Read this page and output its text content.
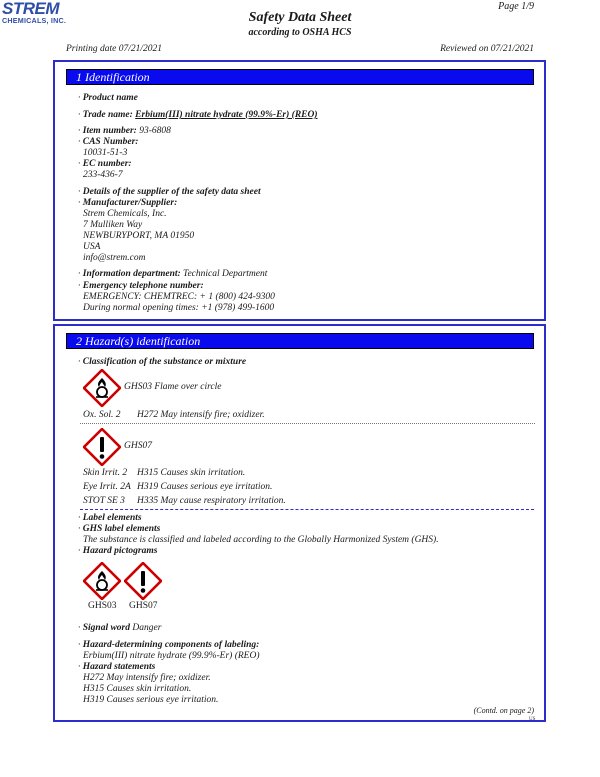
STREM
CHEMICALS, INC.
Page 1/9
Safety Data Sheet
according to OSHA HCS
Printing date 07/21/2021	Reviewed on 07/21/2021
1 Identification
· Product name
· Trade name: Erbium(III) nitrate hydrate (99.9%-Er) (REO)
· Item number: 93-6808
· CAS Number:
10031-51-3
· EC number:
233-436-7
· Details of the supplier of the safety data sheet
· Manufacturer/Supplier:
Strem Chemicals, Inc.
7 Mulliken Way
NEWBURYPORT, MA 01950
USA
info@strem.com
· Information department: Technical Department
· Emergency telephone number:
EMERGENCY: CHEMTREC: + 1 (800) 424-9300
During normal opening times: +1 (978) 499-1600
2 Hazard(s) identification
· Classification of the substance or mixture
GHS03 Flame over circle
Ox. Sol. 2 H272 May intensify fire; oxidizer.
GHS07
Skin Irrit. 2 H315 Causes skin irritation.
Eye Irrit. 2A H319 Causes serious eye irritation.
STOT SE 3 H335 May cause respiratory irritation.
· Label elements
· GHS label elements
The substance is classified and labeled according to the Globally Harmonized System (GHS).
· Hazard pictograms
GHS03 GHS07
· Signal word Danger
· Hazard-determining components of labeling:
Erbium(III) nitrate hydrate (99.9%-Er) (REO)
· Hazard statements
H272 May intensify fire; oxidizer.
H315 Causes skin irritation.
H319 Causes serious eye irritation.
(Contd. on page 2)
US
